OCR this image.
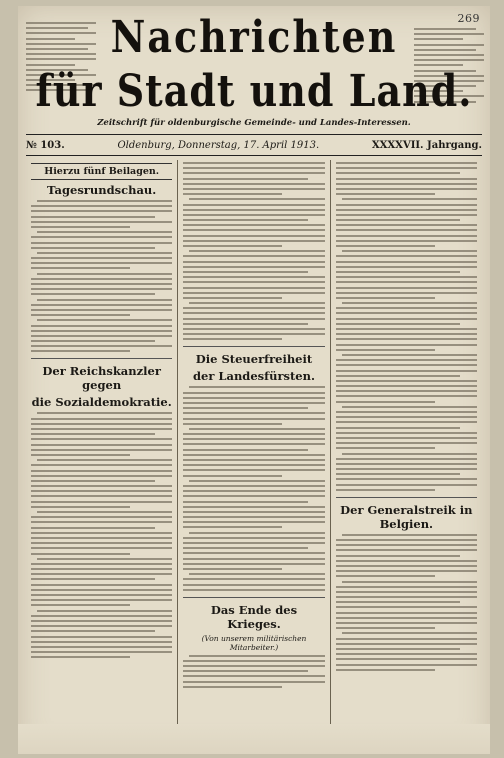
269
Nachrichten
für Stadt und Land.
Zeitschrift für oldenburgische Gemeinde- und Landes-Interessen.
№ 103.	Oldenburg, Donnerstag, 17. April 1913.	XXXXVII. Jahrgang.
Hierzu fünf Beilagen.
Tagesrundschau.
Der Reichskanzler gegen
die Sozialdemokratie.
Die Steuerfreiheit
der Landesfürsten.
Das Ende des Krieges.
(Von unserem militärischen Mitarbeiter.)
Der Generalstreik in Belgien.
